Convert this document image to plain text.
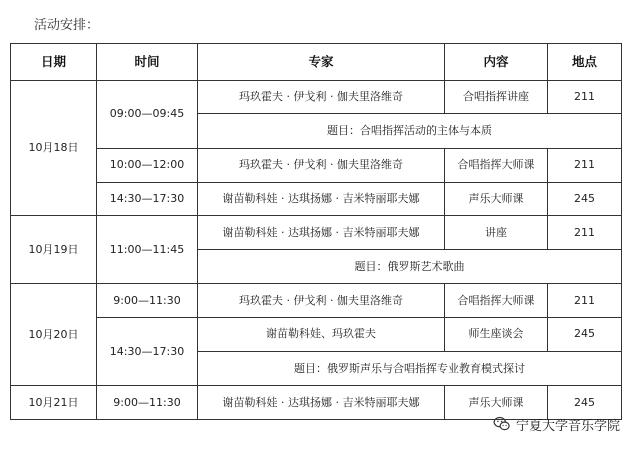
活动安排：
日期	时间	专家	内容	地点
10月18日	09:00—09:45	玛玖霍夫 · 伊戈利 · 伽夫里洛维奇	合唱指挥讲座	211
		题目：合唱指挥活动的主体与本质		
	10:00—12:00	玛玖霍夫 · 伊戈利 · 伽夫里洛维奇	合唱指挥大师课	211
	14:30—17:30	谢苗勒科娃 · 达琪扬娜 · 吉米特丽耶夫娜	声乐大师课	245
10月19日	11:00—11:45	谢苗勒科娃 · 达琪扬娜 · 吉米特丽耶夫娜	讲座	211
		题目：俄罗斯艺术歌曲		
10月20日	9:00—11:30	玛玖霍夫 · 伊戈利 · 伽夫里洛维奇	合唱指挥大师课	211
	14:30—17:30	谢苗勒科娃、玛玖霍夫	师生座谈会	245
		题目：俄罗斯声乐与合唱指挥专业教育模式探讨		
10月21日	9:00—11:30	谢苗勒科娃 · 达琪扬娜 · 吉米特丽耶夫娜	声乐大师课	245
宁夏大学音乐学院
